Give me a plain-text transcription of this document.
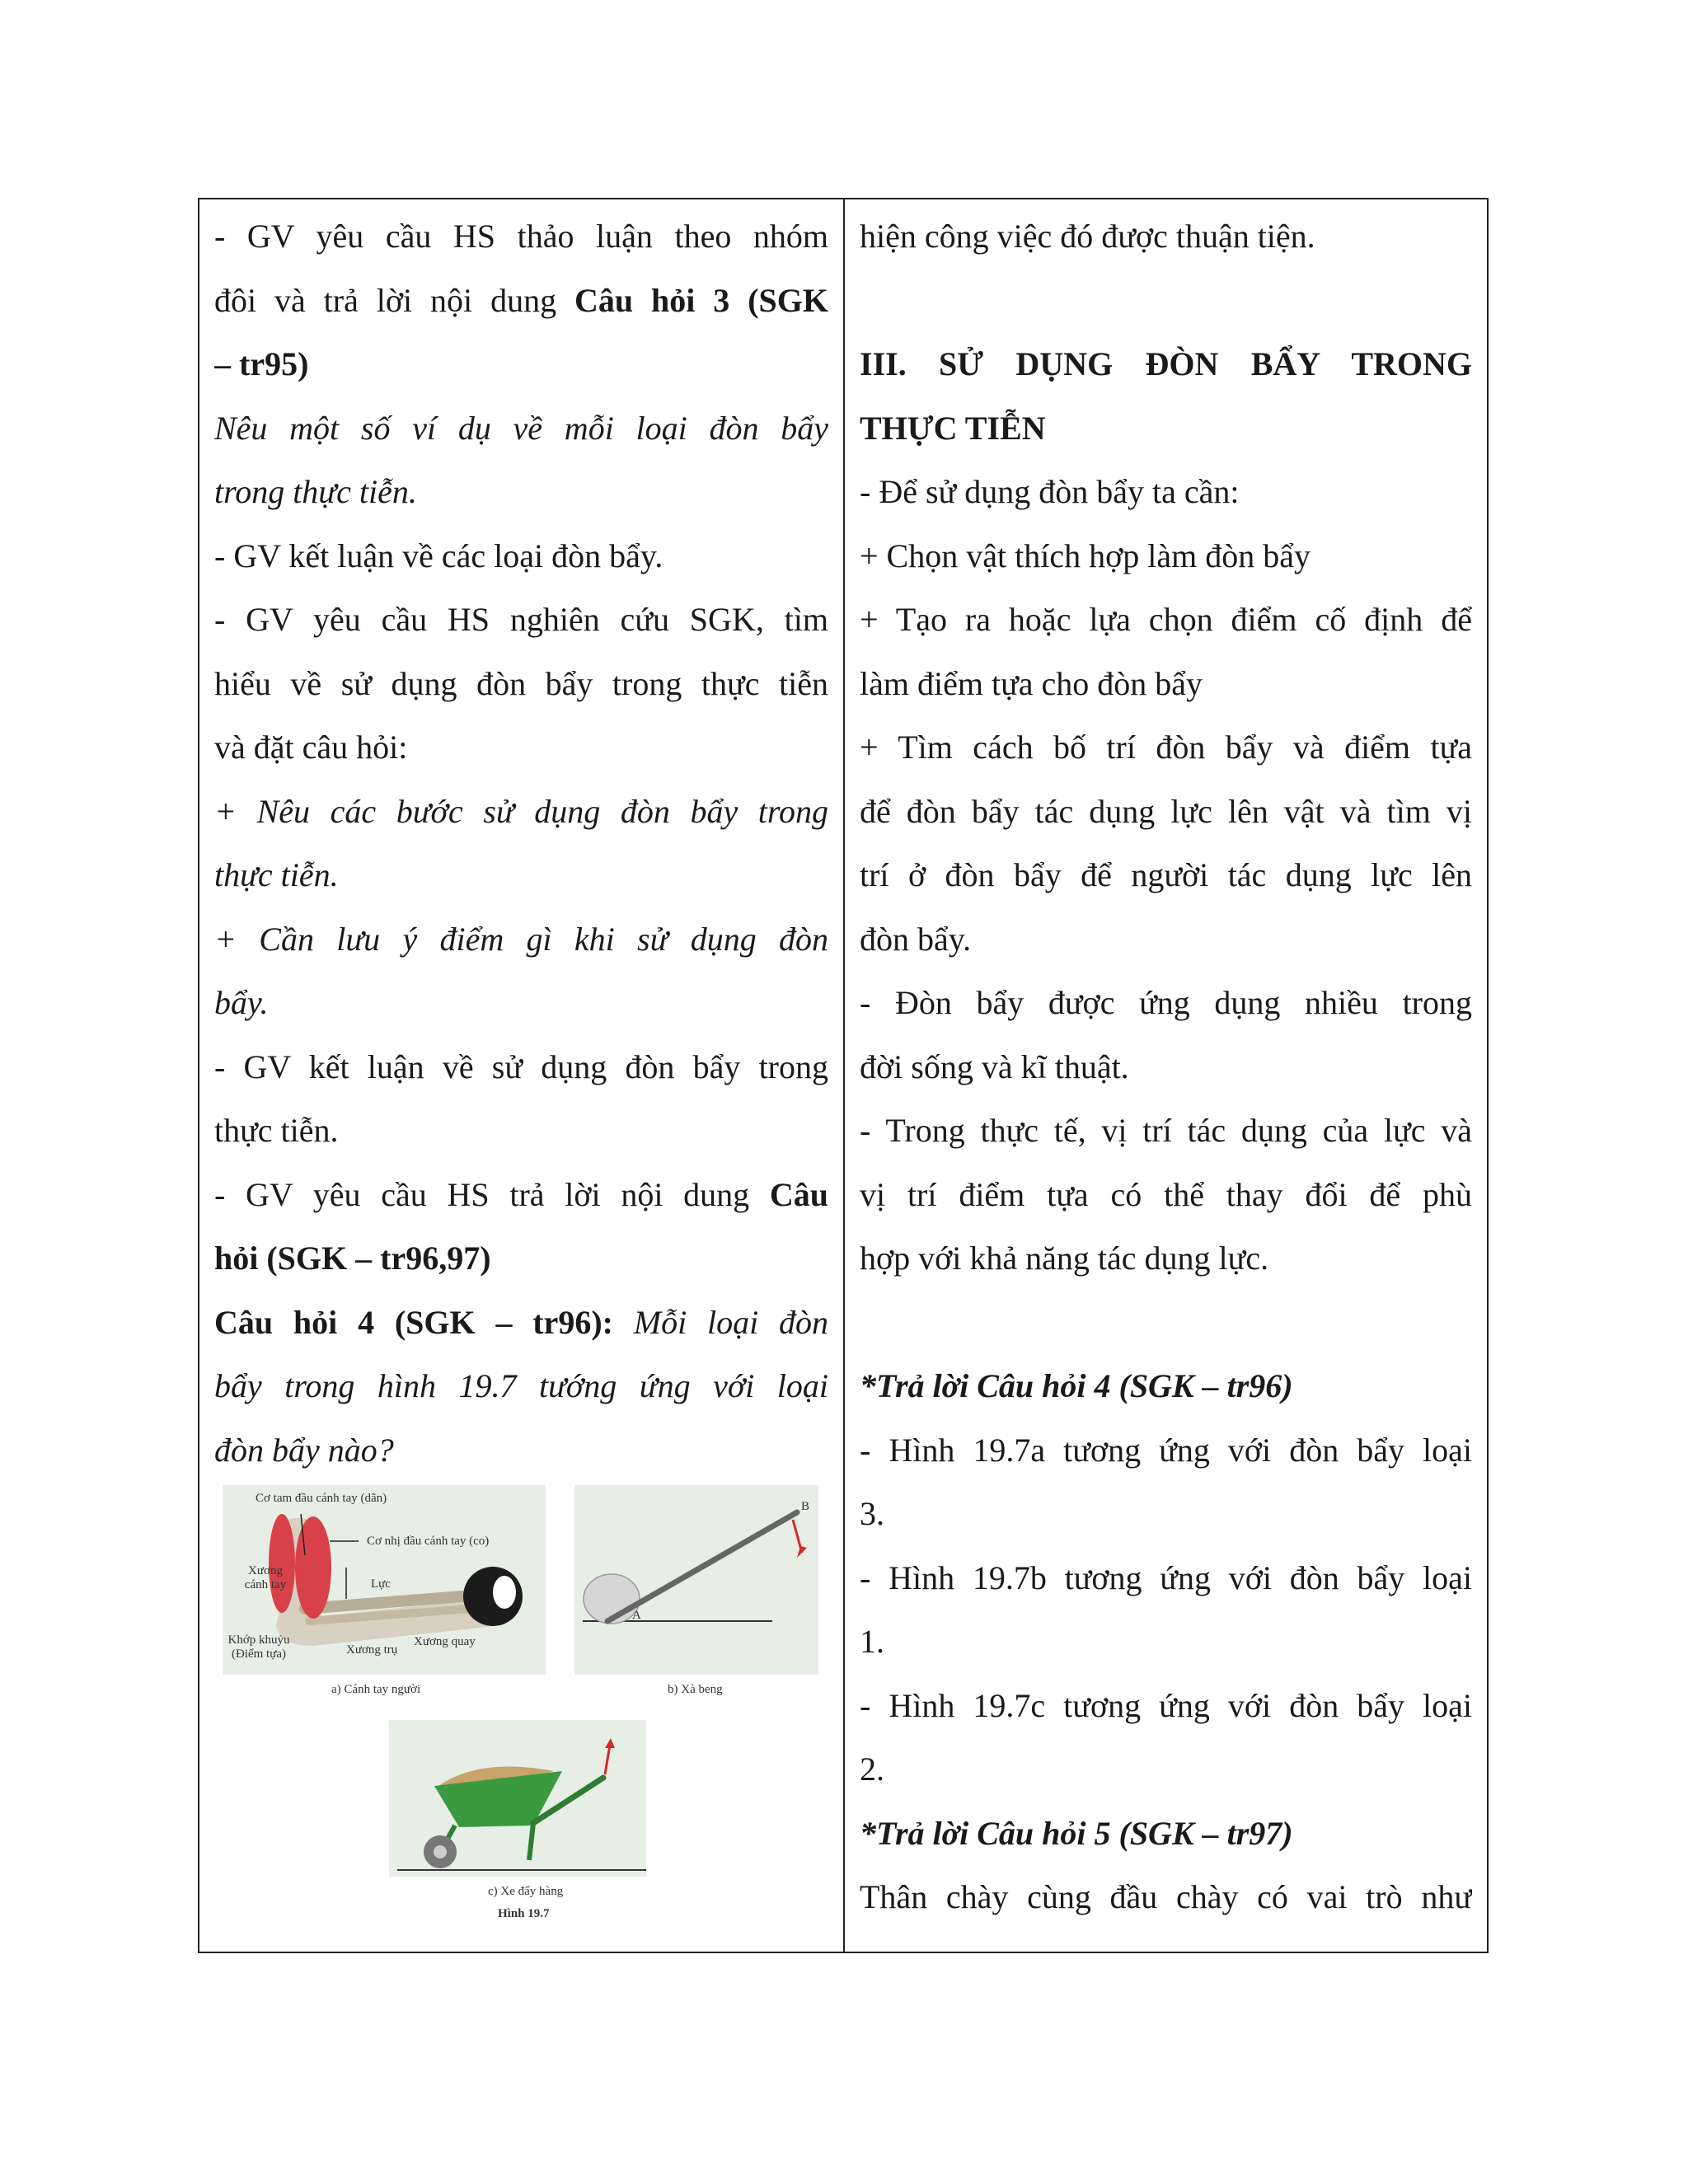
- GV yêu cầu HS thảo luận theo nhóm
đôi và trả lời nội dung Câu hỏi 3 (SGK
– tr95)
Nêu một số ví dụ về mỗi loại đòn bẩy
trong thực tiễn.
- GV kết luận về các loại đòn bẩy.
- GV yêu cầu HS nghiên cứu SGK, tìm
hiểu về sử dụng đòn bẩy trong thực tiễn
và đặt câu hỏi:
+ Nêu các bước sử dụng đòn bẩy trong
thực tiễn.
+ Cần lưu ý điểm gì khi sử dụng đòn
bẩy.
- GV kết luận về sử dụng đòn bẩy trong
thực tiễn.
- GV yêu cầu HS trả lời nội dung Câu
hỏi (SGK – tr96,97)
Câu hỏi 4 (SGK – tr96): Mỗi loại đòn
bẩy trong hình 19.7 tướng ứng với loại
đòn bẩy nào?
Cơ tam đầu cánh tay (dãn)
Cơ nhị đầu cánh tay (co)
Xương cánh tay	Lực
Khớp khuỷu (Điểm tựa)	Xương trụ
Xương quay
a) Cánh tay người
A
B
b) Xà beng
c) Xe đẩy hàng
Hình 19.7
hiện công việc đó được thuận tiện.
III. SỬ DỤNG ĐÒN BẨY TRONG
THỰC TIỄN
- Để sử dụng đòn bẩy ta cần:
+ Chọn vật thích hợp làm đòn bẩy
+ Tạo ra hoặc lựa chọn điểm cố định để
làm điểm tựa cho đòn bẩy
+ Tìm cách bố trí đòn bẩy và điểm tựa
để đòn bẩy tác dụng lực lên vật và tìm vị
trí ở đòn bẩy để người tác dụng lực lên
đòn bẩy.
- Đòn bẩy được ứng dụng nhiều trong
đời sống và kĩ thuật.
- Trong thực tế, vị trí tác dụng của lực và
vị trí điểm tựa có thể thay đổi để phù
hợp với khả năng tác dụng lực.
*Trả lời Câu hỏi 4 (SGK – tr96)
- Hình 19.7a tương ứng với đòn bẩy loại
3.
- Hình 19.7b tương ứng với đòn bẩy loại
1.
- Hình 19.7c tương ứng với đòn bẩy loại
2.
*Trả lời Câu hỏi 5 (SGK – tr97)
Thân chày cùng đầu chày có vai trò như
